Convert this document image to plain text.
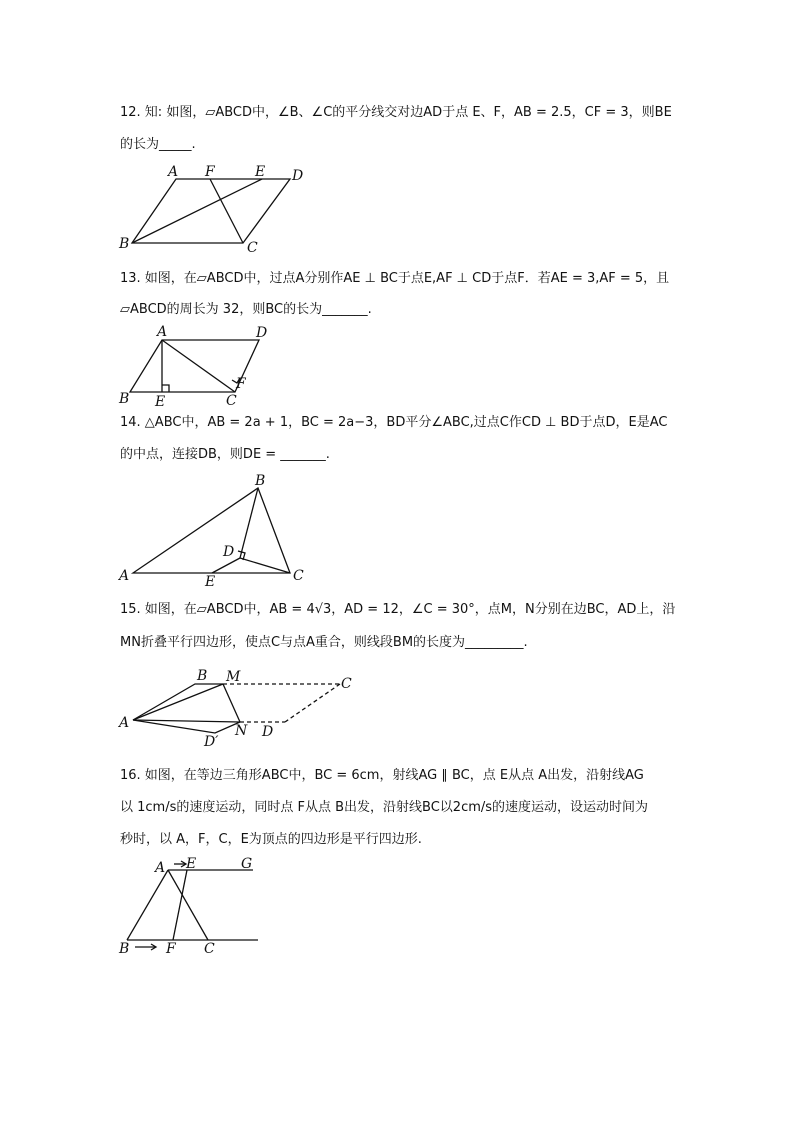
12. 知: 如图，▱ABCD中，∠B、∠C的平分线交对边AD于点 E、F，AB = 2.5，CF = 3，则BE
的长为_____.
A F	E D
B	C
13. 如图，在▱ABCD中，过点A分别作AE ⊥ BC于点E,AF ⊥ CD于点F．若AE = 3,AF = 5，且
▱ABCD的周长为 32，则BC的长为_______.
A	D
F
B E	C
14. △ABC中，AB = 2a + 1，BC = 2a−3，BD平分∠ABC,过点C作CD ⊥ BD于点D，E是AC
的中点，连接DB，则DE = _______.
B
D
A	E	C
15. 如图，在▱ABCD中，AB = 4√3，AD = 12，∠C = 30°，点M，N分别在边BC，AD上，沿
MN折叠平行四边形，使点C与点A重合，则线段BM的长度为_________.
B M	C
A	N D
D′
16. 如图，在等边三角形ABC中，BC = 6cm，射线AG ∥ BC，点 E从点 A出发，沿射线AG
以 1cm/s的速度运动，同时点 F从点 B出发，沿射线BC以2cm/s的速度运动，设运动时间为
秒时，以 A，F，C，E为顶点的四边形是平行四边形.
A E	G
B	F C
